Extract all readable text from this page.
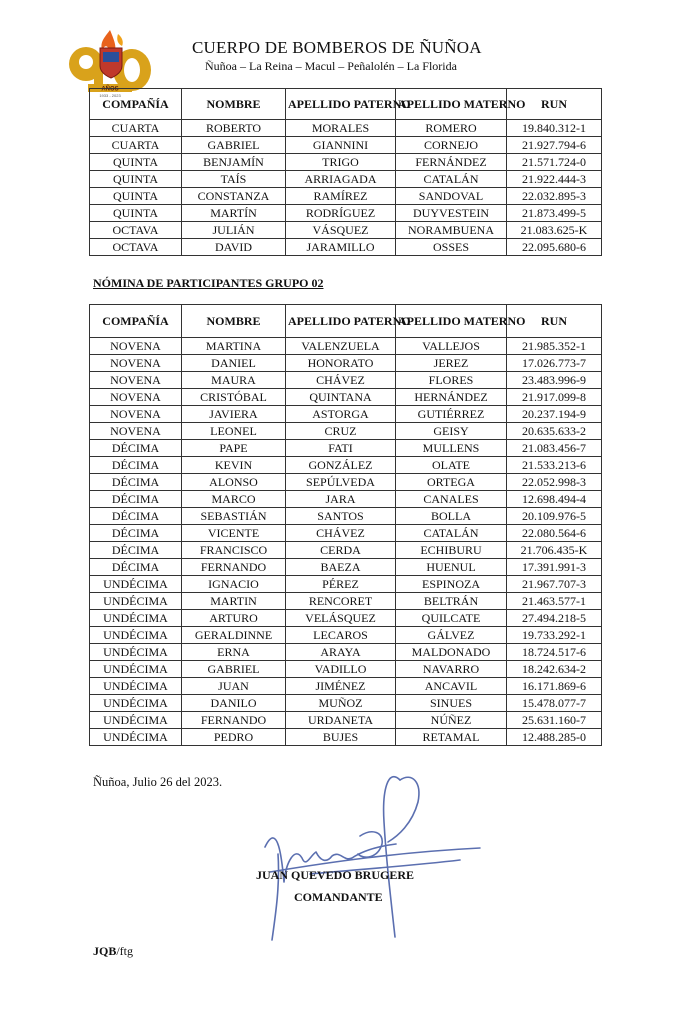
AÑOS
1933 - 2023
CUERPO DE BOMBEROS DE ÑUÑOA
Ñuñoa – La Reina – Macul – Peñalolén – La Florida
COMPAÑÍA	NOMBRE	APELLIDO PATERNO	APELLIDO MATERNO	RUN
CUARTA	ROBERTO	MORALES	ROMERO	19.840.312-1
CUARTA	GABRIEL	GIANNINI	CORNEJO	21.927.794-6
QUINTA	BENJAMÍN	TRIGO	FERNÁNDEZ	21.571.724-0
QUINTA	TAÍS	ARRIAGADA	CATALÁN	21.922.444-3
QUINTA	CONSTANZA	RAMÍREZ	SANDOVAL	22.032.895-3
QUINTA	MARTÍN	RODRÍGUEZ	DUYVESTEIN	21.873.499-5
OCTAVA	JULIÁN	VÁSQUEZ	NORAMBUENA	21.083.625-K
OCTAVA	DAVID	JARAMILLO	OSSES	22.095.680-6
NÓMINA DE PARTICIPANTES GRUPO 02
COMPAÑÍA	NOMBRE	APELLIDO PATERNO	APELLIDO MATERNO	RUN
NOVENA	MARTINA	VALENZUELA	VALLEJOS	21.985.352-1
NOVENA	DANIEL	HONORATO	JEREZ	17.026.773-7
NOVENA	MAURA	CHÁVEZ	FLORES	23.483.996-9
NOVENA	CRISTÓBAL	QUINTANA	HERNÁNDEZ	21.917.099-8
NOVENA	JAVIERA	ASTORGA	GUTIÉRREZ	20.237.194-9
NOVENA	LEONEL	CRUZ	GEISY	20.635.633-2
DÉCIMA	PAPE	FATI	MULLENS	21.083.456-7
DÉCIMA	KEVIN	GONZÁLEZ	OLATE	21.533.213-6
DÉCIMA	ALONSO	SEPÚLVEDA	ORTEGA	22.052.998-3
DÉCIMA	MARCO	JARA	CANALES	12.698.494-4
DÉCIMA	SEBASTIÁN	SANTOS	BOLLA	20.109.976-5
DÉCIMA	VICENTE	CHÁVEZ	CATALÁN	22.080.564-6
DÉCIMA	FRANCISCO	CERDA	ECHIBURU	21.706.435-K
DÉCIMA	FERNANDO	BAEZA	HUENUL	17.391.991-3
UNDÉCIMA	IGNACIO	PÉREZ	ESPINOZA	21.967.707-3
UNDÉCIMA	MARTIN	RENCORET	BELTRÁN	21.463.577-1
UNDÉCIMA	ARTURO	VELÁSQUEZ	QUILCATE	27.494.218-5
UNDÉCIMA	GERALDINNE	LECAROS	GÁLVEZ	19.733.292-1
UNDÉCIMA	ERNA	ARAYA	MALDONADO	18.724.517-6
UNDÉCIMA	GABRIEL	VADILLO	NAVARRO	18.242.634-2
UNDÉCIMA	JUAN	JIMÉNEZ	ANCAVIL	16.171.869-6
UNDÉCIMA	DANILO	MUÑOZ	SINUES	15.478.077-7
UNDÉCIMA	FERNANDO	URDANETA	NÚÑEZ	25.631.160-7
UNDÉCIMA	PEDRO	BUJES	RETAMAL	12.488.285-0
Ñuñoa, Julio 26 del 2023.
JUAN QUEVEDO BRUGERE
COMANDANTE
JQB/ftg
